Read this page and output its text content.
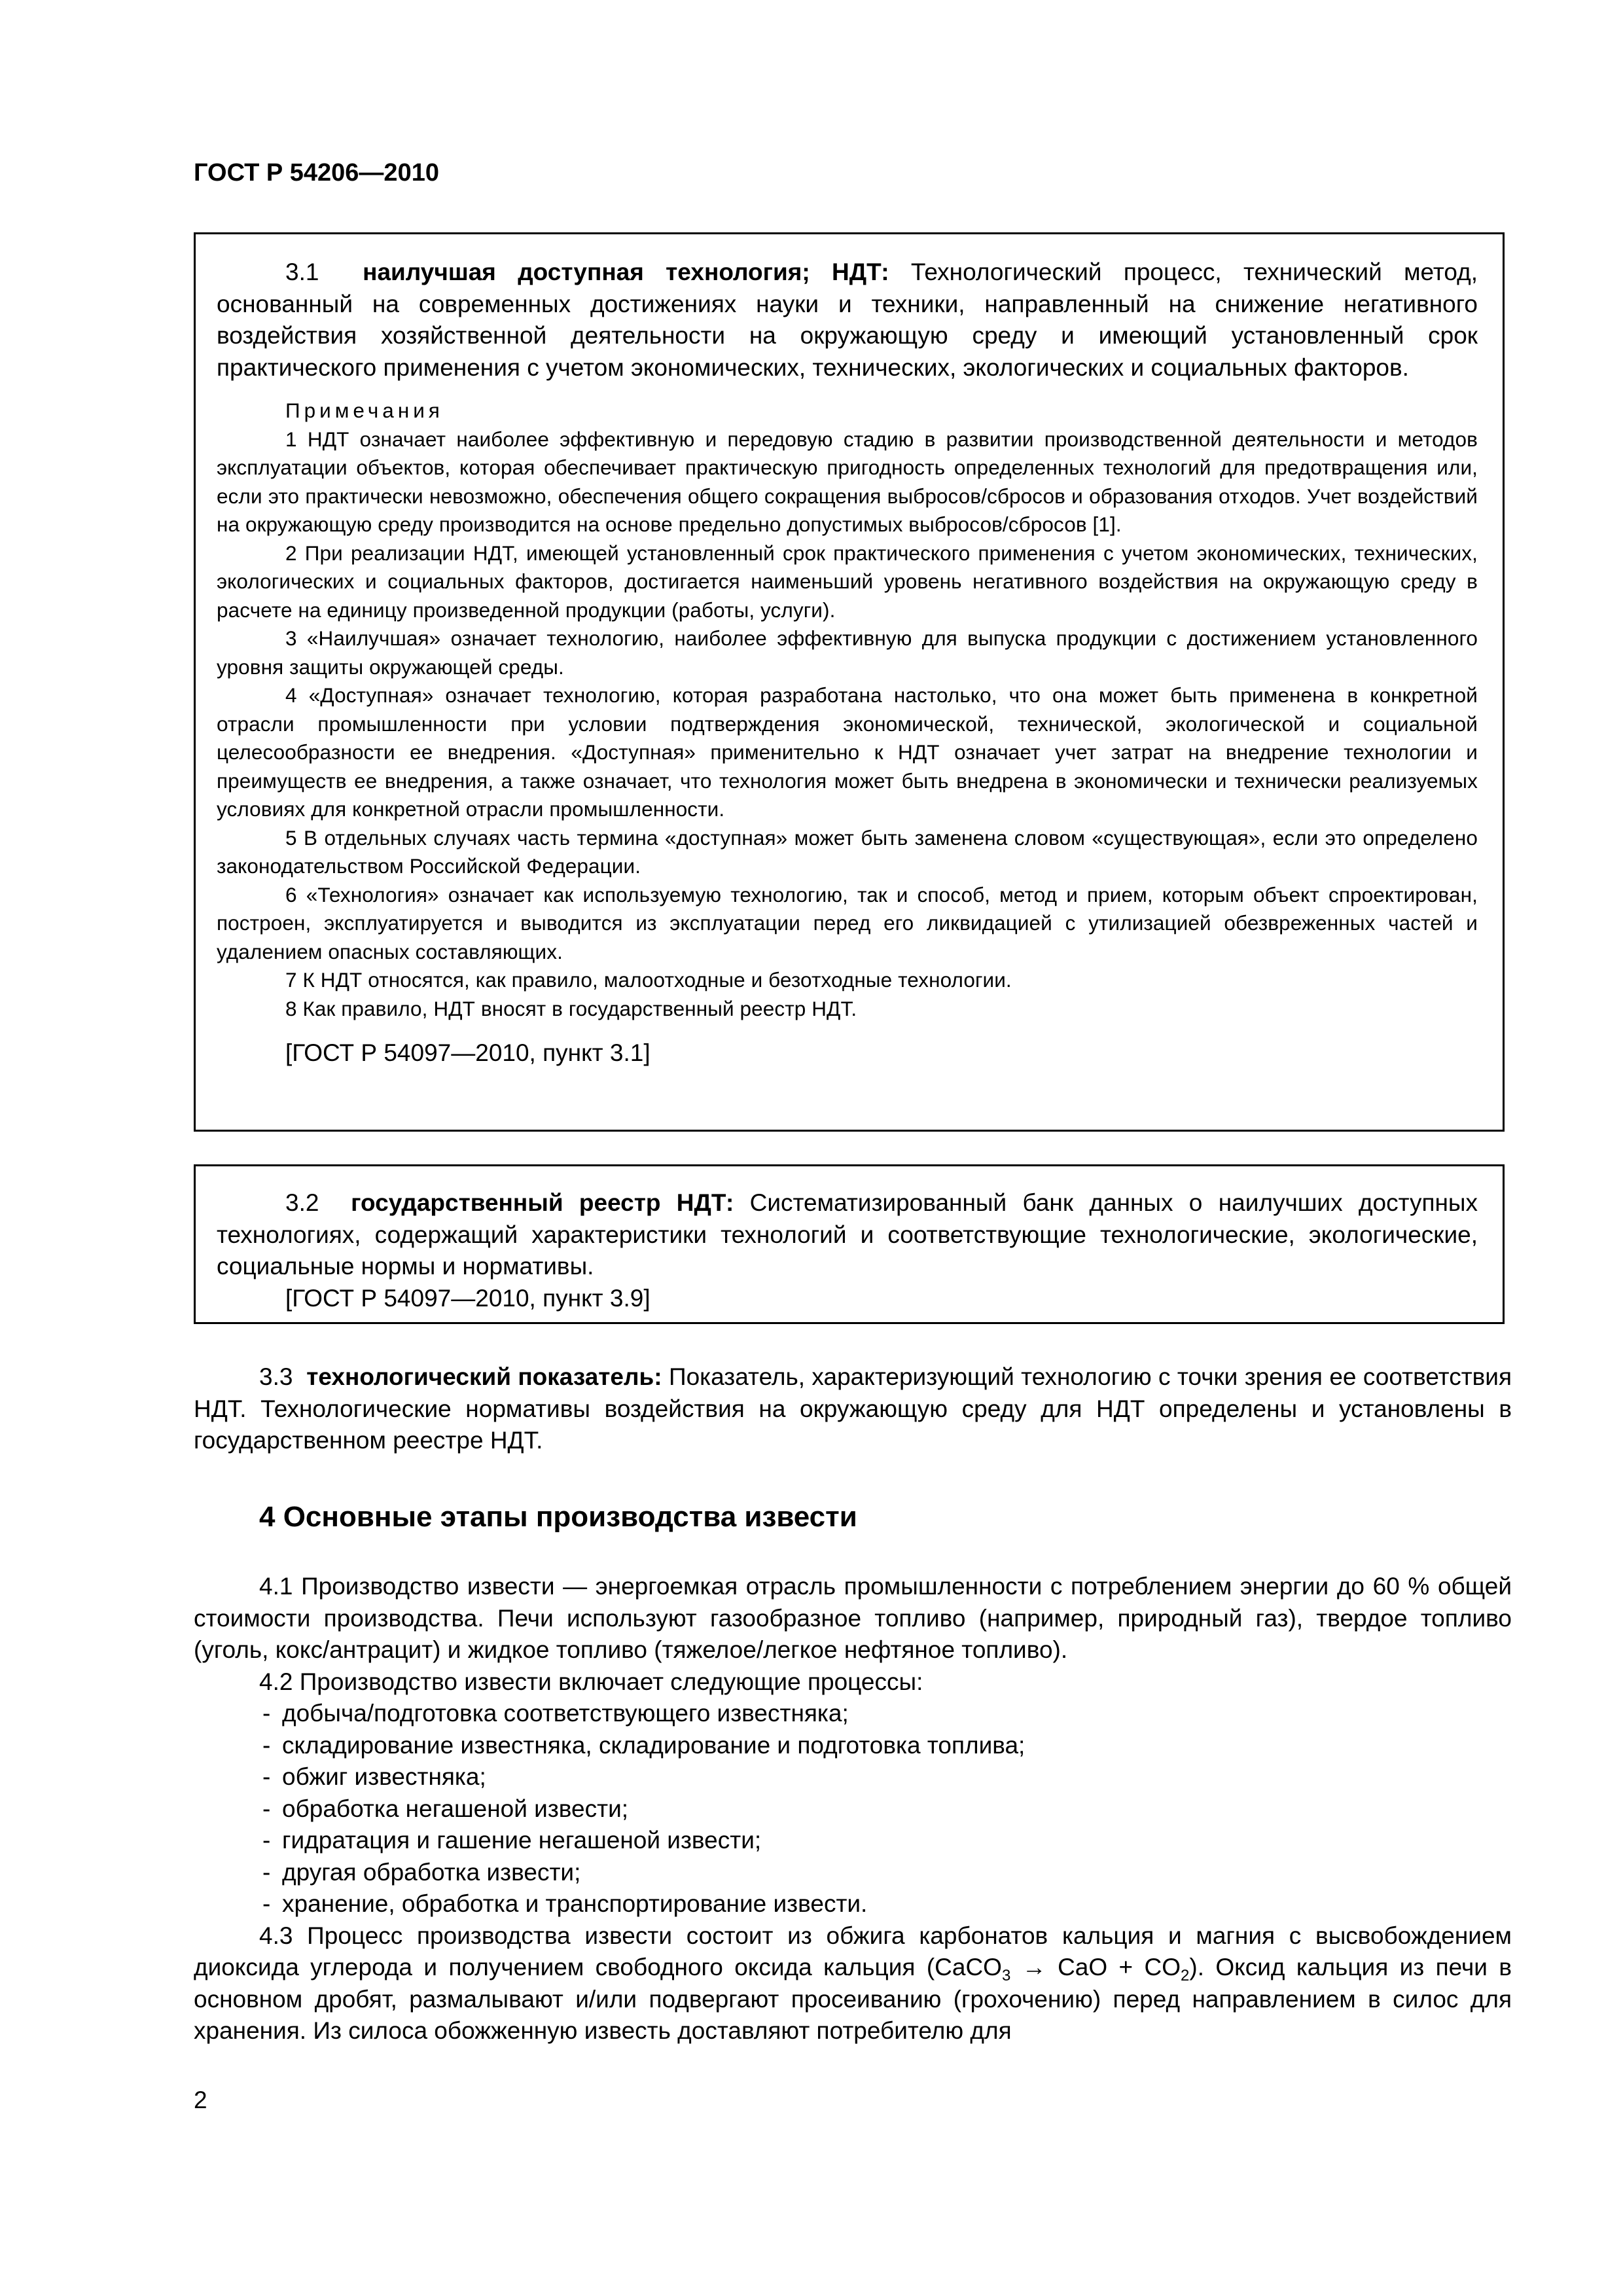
ГОСТ Р 54206—2010

3.1 наилучшая доступная технология; НДТ: Технологический процесс, технический метод, основанный на современных достижениях науки и техники, направленный на снижение негативного воздействия хозяйственной деятельности на окружающую среду и имеющий установленный срок практического применения с учетом экономических, технических, экологических и социальных факторов.

Примечания

1 НДТ означает наиболее эффективную и передовую стадию в развитии производственной деятельности и методов эксплуатации объектов, которая обеспечивает практическую пригодность определенных технологий для предотвращения или, если это практически невозможно, обеспечения общего сокращения выбросов/сбросов и образования отходов. Учет воздействий на окружающую среду производится на основе предельно допустимых выбросов/сбросов [1].

2 При реализации НДТ, имеющей установленный срок практического применения с учетом экономических, технических, экологических и социальных факторов, достигается наименьший уровень негативного воздействия на окружающую среду в расчете на единицу произведенной продукции (работы, услуги).

3 «Наилучшая» означает технологию, наиболее эффективную для выпуска продукции с достижением установленного уровня защиты окружающей среды.

4 «Доступная» означает технологию, которая разработана настолько, что она может быть применена в конкретной отрасли промышленности при условии подтверждения экономической, технической, экологической и социальной целесообразности ее внедрения. «Доступная» применительно к НДТ означает учет затрат на внедрение технологии и преимуществ ее внедрения, а также означает, что технология может быть внедрена в экономически и технически реализуемых условиях для конкретной отрасли промышленности.

5 В отдельных случаях часть термина «доступная» может быть заменена словом «существующая», если это определено законодательством Российской Федерации.

6 «Технология» означает как используемую технологию, так и способ, метод и прием, которым объект спроектирован, построен, эксплуатируется и выводится из эксплуатации перед его ликвидацией с утилизацией обезвреженных частей и удалением опасных составляющих.

7 К НДТ относятся, как правило, малоотходные и безотходные технологии.

8 Как правило, НДТ вносят в государственный реестр НДТ.

[ГОСТ Р 54097—2010, пункт 3.1]

3.2 государственный реестр НДТ: Систематизированный банк данных о наилучших доступных технологиях, содержащий характеристики технологий и соответствующие технологические, экологические, социальные нормы и нормативы.

[ГОСТ Р 54097—2010, пункт 3.9]

3.3 технологический показатель: Показатель, характеризующий технологию с точки зрения ее соответствия НДТ. Технологические нормативы воздействия на окружающую среду для НДТ определены и установлены в государственном реестре НДТ.

4 Основные этапы производства извести

4.1 Производство извести — энергоемкая отрасль промышленности с потреблением энергии до 60 % общей стоимости производства. Печи используют газообразное топливо (например, природный газ), твердое топливо (уголь, кокс/антрацит) и жидкое топливо (тяжелое/легкое нефтяное топливо).

4.2 Производство извести включает следующие процессы:

- добыча/подготовка соответствующего известняка;

- складирование известняка, складирование и подготовка топлива;

- обжиг известняка;

- обработка негашеной извести;

- гидратация и гашение негашеной извести;

- другая обработка извести;

- хранение, обработка и транспортирование извести.

4.3 Процесс производства извести состоит из обжига карбонатов кальция и магния с высвобождением диоксида углерода и получением свободного оксида кальция (CaCO$_3$ → CaO + $CO_2$). Оксид кальция из печи в основном дробят, размалывают и/или подвергают просеиванию (грохочению) перед направлением в силос для хранения. Из силоса обожженную известь доставляют потребителю для

2
